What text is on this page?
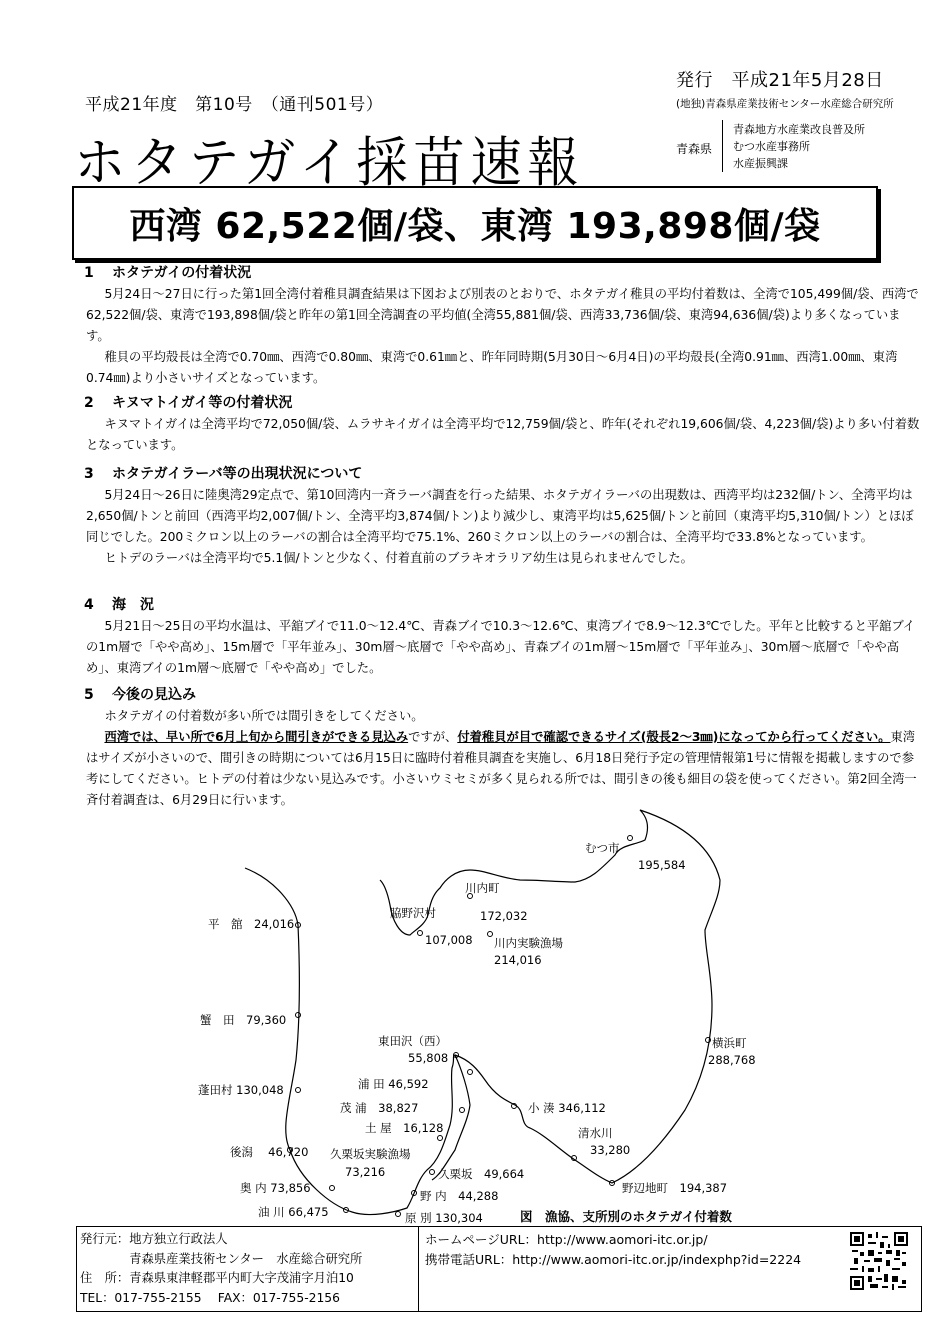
平成21年度　第10号　（通刊501号）
発行　平成21年5月28日
(地独)青森県産業技術センター水産総合研究所
ホタテガイ採苗速報	青森県
青森地方水産業改良普及所
むつ水産事務所
水産振興課
西湾 62,522個/袋、東湾 193,898個/袋
1 ホタテガイの付着状況
5月24日～27日に行った第1回全湾付着稚貝調査結果は下図および別表のとおりで、ホタテガイ稚貝の平均付着数は、全湾で105,499個/袋、西湾で62,522個/袋、東湾で193,898個/袋と昨年の第1回全湾調査の平均値(全湾55,881個/袋、西湾33,736個/袋、東湾94,636個/袋)より多くなっています。
稚貝の平均殻長は全湾で0.70㎜、西湾で0.80㎜、東湾で0.61㎜と、昨年同時期(5月30日～6月4日)の平均殻長(全湾0.91㎜、西湾1.00㎜、東湾0.74㎜)より小さいサイズとなっています。
2 キヌマトイガイ等の付着状況
キヌマトイガイは全湾平均で72,050個/袋、ムラサキイガイは全湾平均で12,759個/袋と、昨年(それぞれ19,606個/袋、4,223個/袋)より多い付着数となっています。
3 ホタテガイラーバ等の出現状況について
5月24日～26日に陸奥湾29定点で、第10回湾内一斉ラーバ調査を行った結果、ホタテガイラーバの出現数は、西湾平均は232個/トン、全湾平均は2,650個/トンと前回（西湾平均2,007個/トン、全湾平均3,874個/トン)より減少し、東湾平均は5,625個/トンと前回（東湾平均5,310個/トン）とほぼ同じでした。200ミクロン以上のラーバの割合は全湾平均で75.1%、260ミクロン以上のラーバの割合は、全湾平均で33.8%となっています。
ヒトデのラーバは全湾平均で5.1個/トンと少なく、付着直前のブラキオラリア幼生は見られませんでした。
4 海　況
5月21日～25日の平均水温は、平舘ブイで11.0～12.4℃、青森ブイで10.3～12.6℃、東湾ブイで8.9～12.3℃でした。平年と比較すると平舘ブイの1m層で「やや高め」、15m層で「平年並み」、30m層～底層で「やや高め」、青森ブイの1m層～15m層で「平年並み」、30m層～底層で「やや高め」、東湾ブイの1m層～底層で「やや高め」でした。
5 今後の見込み
ホタテガイの付着数が多い所では間引きをしてください。
西湾では、早い所で6月上旬から間引きができる見込みですが、付着稚貝が目で確認できるサイズ(殻長2～3㎜)になってから行ってください。東湾はサイズが小さいので、間引きの時期については6月15日に臨時付着稚貝調査を実施し、6月18日発行予定の管理情報第1号に情報を掲載しますので参考にしてください。ヒトデの付着は少ない見込みです。小さいウミセミが多く見られる所では、間引きの後も細目の袋を使ってください。第2回全湾一斉付着調査は、6月29日に行います。
むつ市
195,584
川内町
172,032
脇野沢村
107,008 川内実験漁場
214,016
平　舘　24,016
蟹　田　79,360
蓬田村 130,048
後潟　 46,720
奥 内 73,856
油 川 66,475
東田沢（西）
55,808
浦 田 46,592
茂 浦　38,827
土 屋　16,128
久栗坂実験漁場
73,216	久栗坂　49,664
野 内　44,288
原 別 130,304
横浜町
288,768
小 湊 346,112
清水川
33,280
野辺地町　194,387
図　漁協、支所別のホタテガイ付着数
発行元：地方独立行政法人
　　　　青森県産業技術センター　水産総合研究所
住　所：青森県東津軽郡平内町大字茂浦字月泊10
TEL：017-755-2155　 FAX：017-755-2156
ホームページURL：http://www.aomori-itc.or.jp/
携帯電話URL：http://www.aomori-itc.or.jp/indexphp?id=2224
